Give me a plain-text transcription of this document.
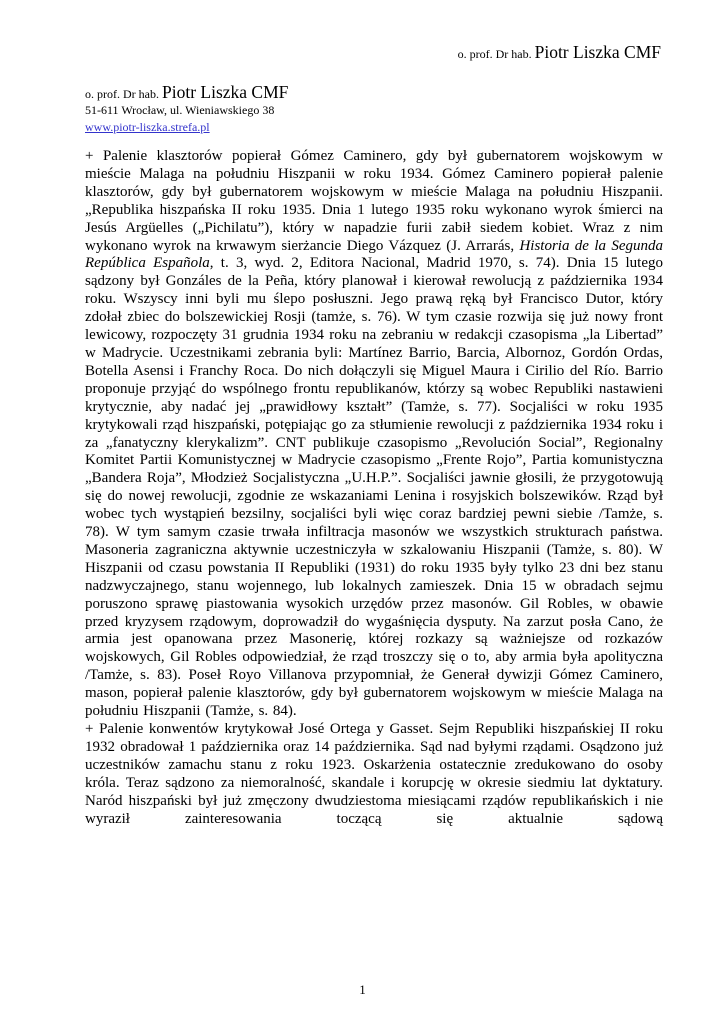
o. prof. Dr hab. Piotr Liszka CMF
o. prof. Dr hab. Piotr Liszka CMF
51-611 Wrocław, ul. Wieniawskiego 38
www.piotr-liszka.strefa.pl

+ Palenie klasztorów popierał Gómez Caminero, gdy był gubernatorem wojskowym w mieście Malaga na południu Hiszpanii w roku 1934. Gómez Caminero popierał palenie klasztorów, gdy był gubernatorem wojskowym w mieście Malaga na południu Hiszpanii. „Republika hiszpańska II roku 1935. Dnia 1 lutego 1935 roku wykonano wyrok śmierci na Jesús Argüelles („Pichilatu”), który w napadzie furii zabił siedem kobiet. Wraz z nim wykonano wyrok na krwawym sierżancie Diego Vázquez (J. Arrarás, Historia de la Segunda República Española, t. 3, wyd. 2, Editora Nacional, Madrid 1970, s. 74). Dnia 15 lutego sądzony był Gonzáles de la Peña, który planował i kierował rewolucją z października 1934 roku. Wszyscy inni byli mu ślepo posłuszni. Jego prawą ręką był Francisco Dutor, który zdołał zbiec do bolszewickiej Rosji (tamże, s. 76). W tym czasie rozwija się już nowy front lewicowy, rozpoczęty 31 grudnia 1934 roku na zebraniu w redakcji czasopisma „la Libertad” w Madrycie. Uczestnikami zebrania byli: Martínez Barrio, Barcia, Albornoz, Gordón Ordas, Botella Asensi i Franchy Roca. Do nich dołączyli się Miguel Maura i Cirilio del Río. Barrio proponuje przyjąć do wspólnego frontu republikanów, którzy są wobec Republiki nastawieni krytycznie, aby nadać jej „prawidłowy kształt” (Tamże, s. 77). Socjaliści w roku 1935 krytykowali rząd hiszpański, potępiając go za stłumienie rewolucji z października 1934 roku i za „fanatyczny klerykalizm”. CNT publikuje czasopismo „Revolución Social”, Regionalny Komitet Partii Komunistycznej w Madrycie czasopismo „Frente Rojo”, Partia komunistyczna „Bandera Roja”, Młodzież Socjalistyczna „U.H.P.”. Socjaliści jawnie głosili, że przygotowują się do nowej rewolucji, zgodnie ze wskazaniami Lenina i rosyjskich bolszewików. Rząd był wobec tych wystąpień bezsilny, socjaliści byli więc coraz bardziej pewni siebie /Tamże, s. 78). W tym samym czasie trwała infiltracja masonów we wszystkich strukturach państwa. Masoneria zagraniczna aktywnie uczestniczyła w szkalowaniu Hiszpanii (Tamże, s. 80). W Hiszpanii od czasu powstania II Republiki (1931) do roku 1935 były tylko 23 dni bez stanu nadzwyczajnego, stanu wojennego, lub lokalnych zamieszek. Dnia 15 w obradach sejmu poruszono sprawę piastowania wysokich urzędów przez masonów. Gil Robles, w obawie przed kryzysem rządowym, doprowadził do wygaśnięcia dysputy. Na zarzut posła Cano, że armia jest opanowana przez Masonerię, której rozkazy są ważniejsze od rozkazów wojskowych, Gil Robles odpowiedział, że rząd troszczy się o to, aby armia była apolityczna /Tamże, s. 83). Poseł Royo Villanova przypomniał, że Generał dywizji Gómez Caminero, mason, popierał palenie klasztorów, gdy był gubernatorem wojskowym w mieście Malaga na południu Hiszpanii (Tamże, s. 84).

+ Palenie konwentów krytykował José Ortega y Gasset. Sejm Republiki hiszpańskiej II roku 1932 obradował 1 października oraz 14 października. Sąd nad byłymi rządami. Osądzono już uczestników zamachu stanu z roku 1923. Oskarżenia ostatecznie zredukowano do osoby króla. Teraz sądzono za niemoralność, skandale i korupcję w okresie siedmiu lat dyktatury. Naród hiszpański był już zmęczony dwudziestoma miesiącami rządów republikańskich i nie wyraził zainteresowania toczącą się aktualnie sądową

1
